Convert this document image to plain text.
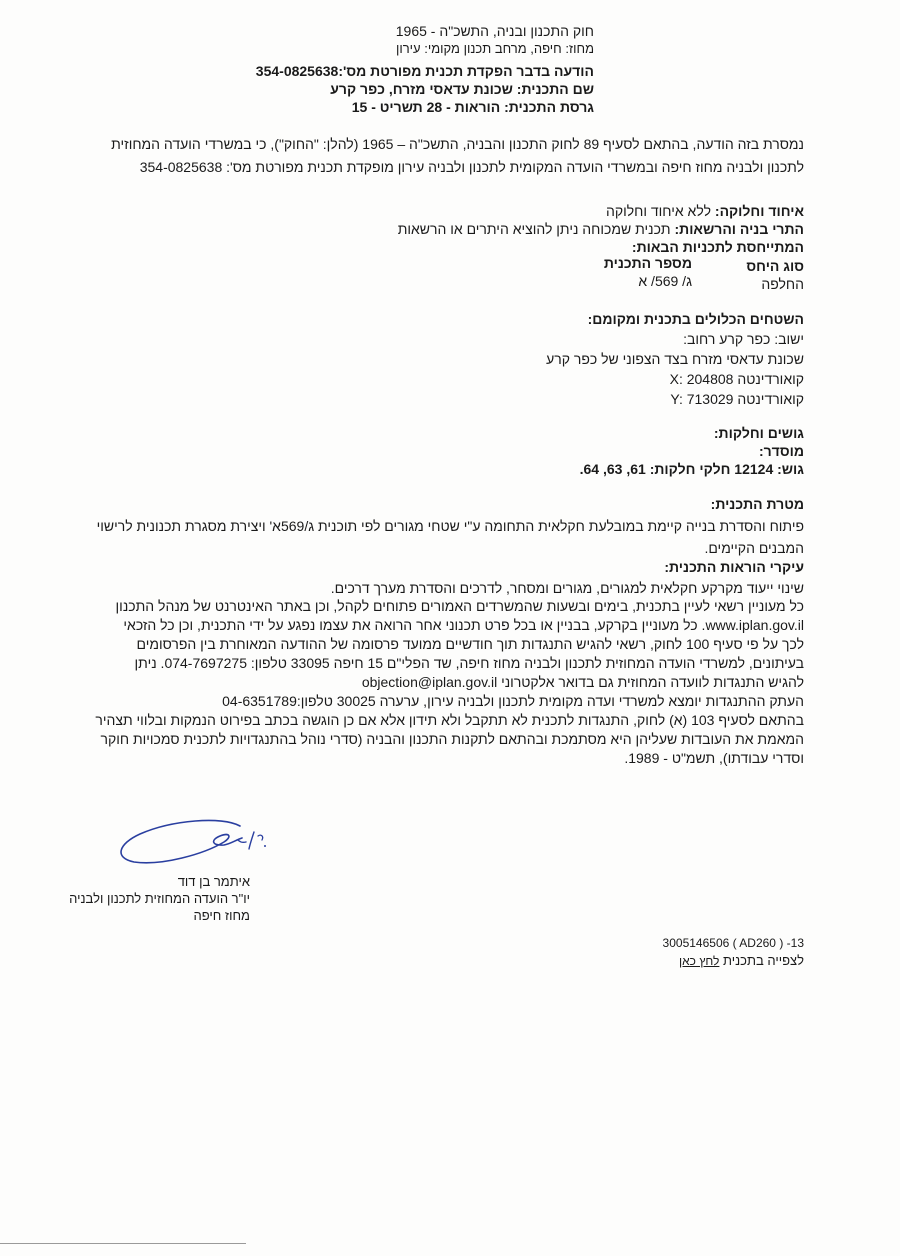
חוק התכנון ובניה, התשכ"ה - 1965
מחוז: חיפה, מרחב תכנון מקומי: עירון
הודעה בדבר הפקדת תכנית מפורטת מס':354-0825638
שם התכנית: שכונת עדאסי מזרח, כפר קרע
גרסת התכנית: הוראות - 28 תשריט - 15
נמסרת בזה הודעה, בהתאם לסעיף 89 לחוק התכנון והבניה, התשכ"ה – 1965 (להלן: "החוק"), כי במשרדי הועדה המחוזית
לתכנון ולבניה מחוז חיפה ובמשרדי הועדה המקומית לתכנון ולבניה עירון מופקדת תכנית מפורטת מס': 354-0825638
איחוד וחלוקה: ללא איחוד וחלוקה
התרי בניה והרשאות: תכנית שמכוחה ניתן להוציא היתרים או הרשאות
המתייחסת לתכניות הבאות:
סוג היחס
החלפה
מספר התכנית
ג/ 569/ א
השטחים הכלולים בתכנית ומקומם:
ישוב: כפר קרע רחוב:
שכונת עדאסי מזרח בצד הצפוני של כפר קרע
קואורדינטה X: 204808
קואורדינטה Y: 713029
גושים וחלקות:
מוסדר:
גוש: 12124 חלקי חלקות: 61, 63, 64.
מטרת התכנית:
פיתוח והסדרת בנייה קיימת במובלעת חקלאית התחומה ע"י שטחי מגורים לפי תוכנית ג/569א' ויצירת מסגרת תכנונית לרישוי
המבנים הקיימים.
עיקרי הוראות התכנית:
שינוי ייעוד מקרקע חקלאית למגורים, מגורים ומסחר, לדרכים והסדרת מערך דרכים.
כל מעוניין רשאי לעיין בתכנית, בימים ובשעות שהמשרדים האמורים פתוחים לקהל, וכן באתר האינטרנט של מנהל התכנון
www.iplan.gov.il. כל מעוניין בקרקע, בבניין או בכל פרט תכנוני אחר הרואה את עצמו נפגע על ידי התכנית, וכן כל הזכאי
לכך על פי סעיף 100 לחוק, רשאי להגיש התנגדות תוך חודשיים ממועד פרסומה של ההודעה המאוחרת בין הפרסומים
בעיתונים, למשרדי הועדה המחוזית לתכנון ולבניה מחוז חיפה, שד הפלי"ם 15 חיפה 33095 טלפון: 074-7697275. ניתן
להגיש התנגדות לוועדה המחוזית גם בדואר אלקטרוני objection@iplan.gov.il
העתק ההתנגדות יומצא למשרדי ועדה מקומית לתכנון ולבניה עירון, ערערה 30025 טלפון:04-6351789
בהתאם לסעיף 103 (א) לחוק, התנגדות לתכנית לא תתקבל ולא תידון אלא אם כן הוגשה בכתב בפירוט הנמקות ובלווי תצהיר
המאמת את העובדות שעליהן היא מסתמכת ובהתאם לתקנות התכנון והבניה (סדרי נוהל בהתנגדויות לתכנית סמכויות חוקר
וסדרי עבודתו), תשמ"ט - 1989.
איתמר בן דוד
יו"ר הועדה המחוזית לתכנון ולבניה
מחוז חיפה
3005146506 ( AD260 ) -13
לצפייה בתכנית לחץ כאן
